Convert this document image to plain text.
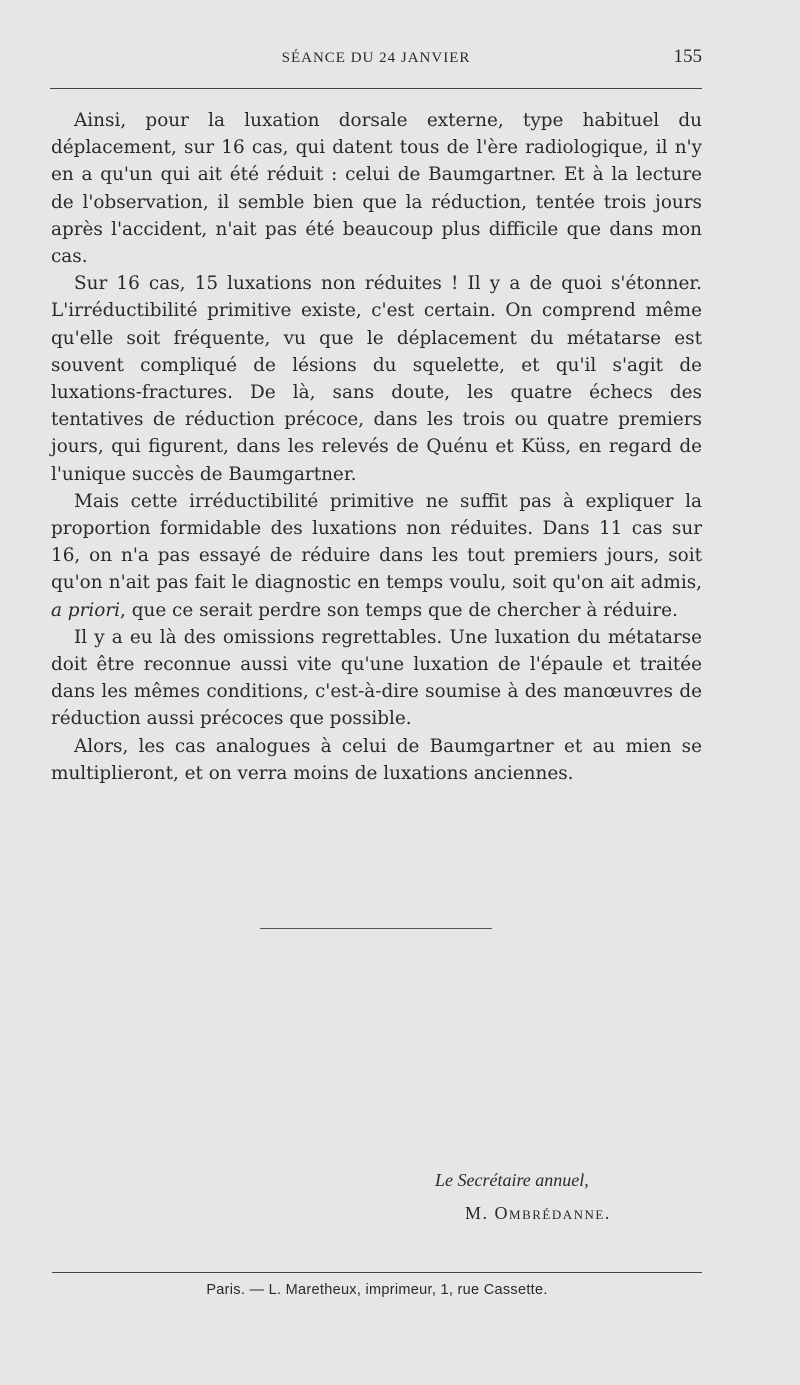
SÉANCE DU 24 JANVIER	155

Ainsi, pour la luxation dorsale externe, type habituel du déplacement, sur 16 cas, qui datent tous de l'ère radiologique, il n'y en a qu'un qui ait été réduit : celui de Baumgartner. Et à la lecture de l'observation, il semble bien que la réduction, tentée trois jours après l'accident, n'ait pas été beaucoup plus difficile que dans mon cas.

Sur 16 cas, 15 luxations non réduites ! Il y a de quoi s'étonner. L'irréductibilité primitive existe, c'est certain. On comprend même qu'elle soit fréquente, vu que le déplacement du métatarse est souvent compliqué de lésions du squelette, et qu'il s'agit de luxations-fractures. De là, sans doute, les quatre échecs des tentatives de réduction précoce, dans les trois ou quatre premiers jours, qui figurent, dans les relevés de Quénu et Küss, en regard de l'unique succès de Baumgartner.

Mais cette irréductibilité primitive ne suffit pas à expliquer la proportion formidable des luxations non réduites. Dans 11 cas sur 16, on n'a pas essayé de réduire dans les tout premiers jours, soit qu'on n'ait pas fait le diagnostic en temps voulu, soit qu'on ait admis, a priori, que ce serait perdre son temps que de chercher à réduire.

Il y a eu là des omissions regrettables. Une luxation du métatarse doit être reconnue aussi vite qu'une luxation de l'épaule et traitée dans les mêmes conditions, c'est-à-dire soumise à des manœuvres de réduction aussi précoces que possible.

Alors, les cas analogues à celui de Baumgartner et au mien se multiplieront, et on verra moins de luxations anciennes.

Le Secrétaire annuel,
M. Ombrédanne.
Paris. — L. Maretheux, imprimeur, 1, rue Cassette.
